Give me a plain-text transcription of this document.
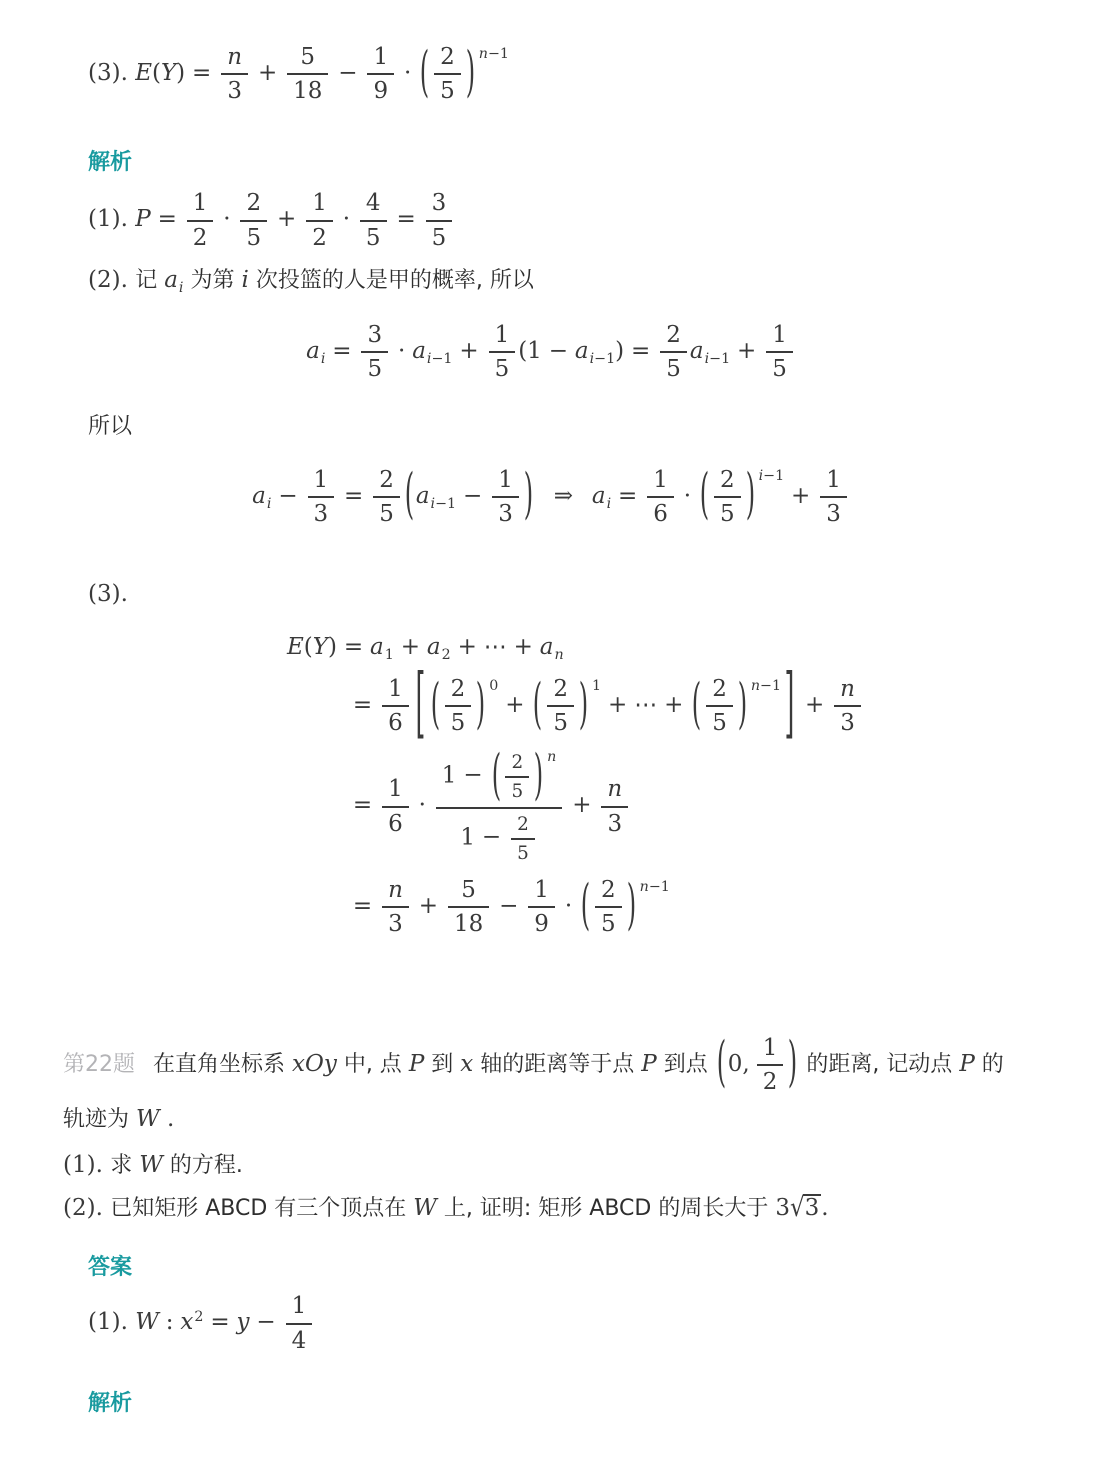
(3). $E(Y) = \frac{n}{3} + \frac{5}{18} - \frac{1}{9}$ · ( $\frac{2}{5}$ ) $^{n-1}$
解析
(1). $P = \frac{1}{2} \cdot \frac{2}{5} + \frac{1}{2} \cdot \frac{4}{5} = \frac{3}{5}$
(2). 记 $a_i$ 为第 i 次投篮的人是甲的概率, 所以
$a_i = \frac{3}{5} \cdot a_{i-1} + \frac{1}{5} (1 - a_{i-1}) = \frac{2}{5} a_{i-1} + \frac{1}{5}$
所以
$a_i - \frac{1}{3} = \frac{2}{5} (a_{i-1} - \frac{1}{3}$ ) ⇒ $a_i = \frac{1}{6}$ · ( $\frac{2}{5}$ ) $^{i-1}+ \frac{1}{3}$
(3).
$E(Y) = a_1 + a_2$ + ⋯ + $a_n$
= $\frac{1}{6}$ [ ( $\frac{2}{5}$ ) $^0$+ ( $\frac{2}{5}$ ) $^1$+ ⋯ + ( $\frac{2}{5}$ ) $^{n-1}$ ] + $\frac{n}{3}$
= $\frac{1}{6} \cdot \frac{1 - ( \frac{2}{5} ) ^n}{1 - \frac{2}{5}} + \frac{n}{3}$
= $\frac{n}{3} + \frac{5}{18} - \frac{1}{9}$ · ( $\frac{2}{5}$ ) $^{n-1}$
第22题 在直角坐标系 xOy 中, 点 P 到 x 轴的距离等于点 P 到点 (0, $\frac{1}{2}$ ) 的距离, 记动点 P 的
轨迹为 W .
(1). 求 W 的方程.
(2). 已知矩形 ABCD 有三个顶点在 W 上, 证明: 矩形 ABCD 的周长大于 3√3.
答案
(1). W : $x^2 = y - \frac{1}{4}$
解析
